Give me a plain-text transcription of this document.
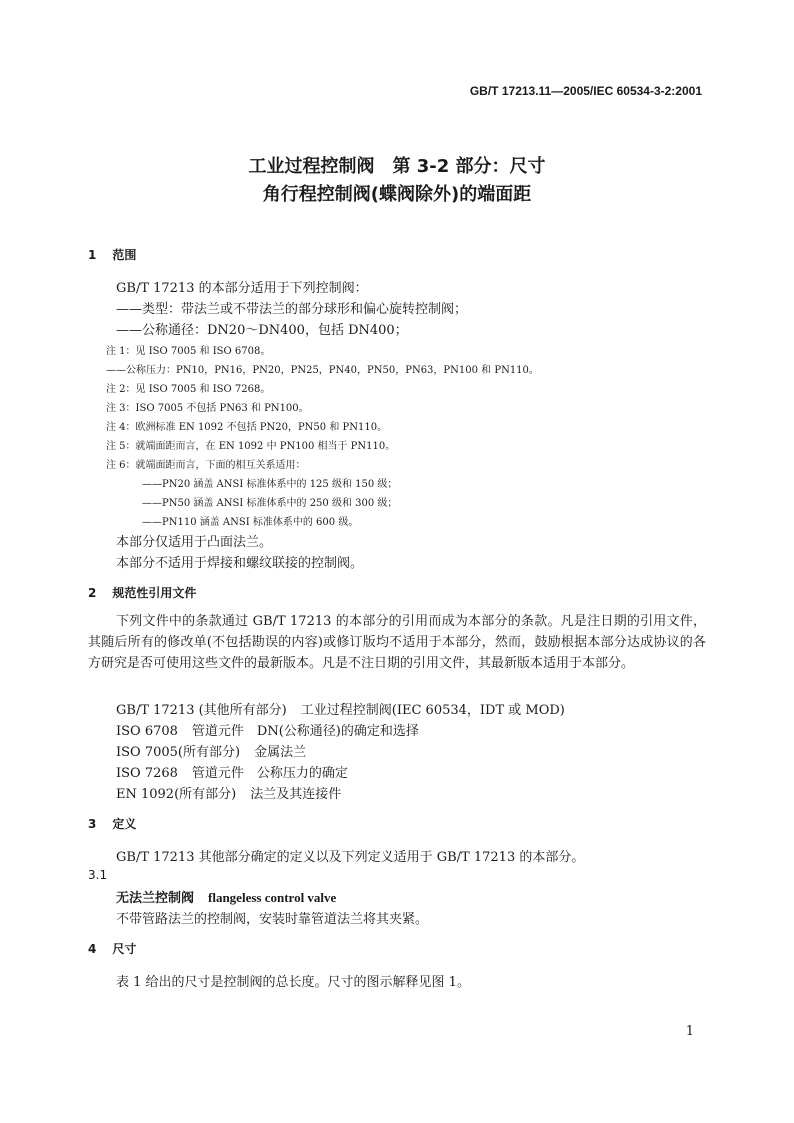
GB/T 17213.11—2005/IEC 60534-3-2:2001
工业过程控制阀　第 3-2 部分：尺寸
角行程控制阀(蝶阀除外)的端面距
1 范围
GB/T 17213 的本部分适用于下列控制阀：
——类型：带法兰或不带法兰的部分球形和偏心旋转控制阀；
——公称通径：DN20～DN400，包括 DN400；
注 1：见 ISO 7005 和 ISO 6708。
——公称压力：PN10，PN16，PN20，PN25，PN40，PN50，PN63，PN100 和 PN110。
注 2：见 ISO 7005 和 ISO 7268。
注 3：ISO 7005 不包括 PN63 和 PN100。
注 4：欧洲标准 EN 1092 不包括 PN20，PN50 和 PN110。
注 5：就端面距而言，在 EN 1092 中 PN100 相当于 PN110。
注 6：就端面距而言，下面的相互关系适用：
——PN20 涵盖 ANSI 标准体系中的 125 级和 150 级；
——PN50 涵盖 ANSI 标准体系中的 250 级和 300 级；
——PN110 涵盖 ANSI 标准体系中的 600 级。
本部分仅适用于凸面法兰。
本部分不适用于焊接和螺纹联接的控制阀。
2 规范性引用文件
下列文件中的条款通过 GB/T 17213 的本部分的引用而成为本部分的条款。凡是注日期的引用文件，其随后所有的修改单(不包括勘误的内容)或修订版均不适用于本部分，然而，鼓励根据本部分达成协议的各方研究是否可使用这些文件的最新版本。凡是不注日期的引用文件，其最新版本适用于本部分。
GB/T 17213 (其他所有部分) 工业过程控制阀(IEC 60534，IDT 或 MOD)
ISO 6708 管道元件　DN(公称通径)的确定和选择
ISO 7005(所有部分) 金属法兰
ISO 7268 管道元件　公称压力的确定
EN 1092(所有部分) 法兰及其连接件
3 定义
GB/T 17213 其他部分确定的定义以及下列定义适用于 GB/T 17213 的本部分。
3.1
无法兰控制阀 flangeless control valve
不带管路法兰的控制阀，安装时靠管道法兰将其夹紧。
4 尺寸
表 1 给出的尺寸是控制阀的总长度。尺寸的图示解释见图 1。
1
